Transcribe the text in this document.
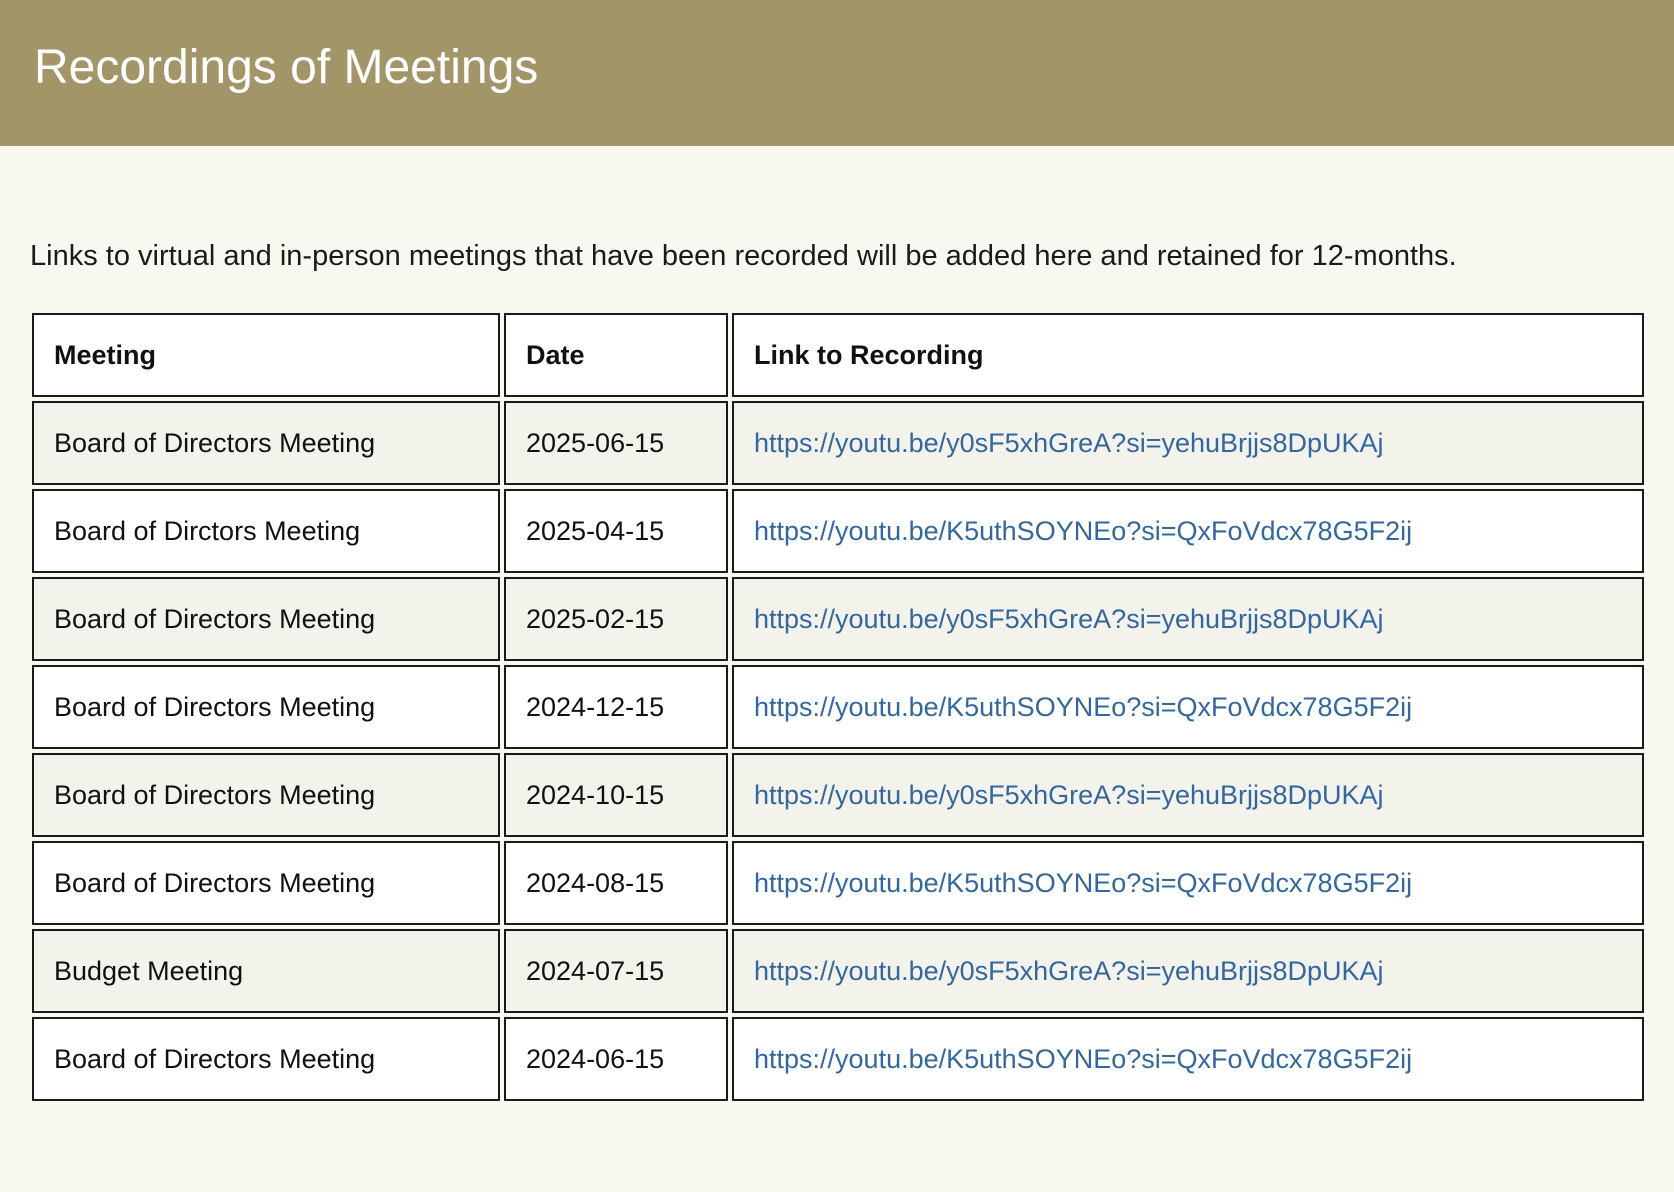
Recordings of Meetings

Links to virtual and in-person meetings that have been recorded will be added here and retained for 12-months.

Meeting	Date	Link to Recording
Board of Directors Meeting	2025-06-15	https://youtu.be/y0sF5xhGreA?si=yehuBrjjs8DpUKAj
Board of Dirctors Meeting	2025-04-15	https://youtu.be/K5uthSOYNEo?si=QxFoVdcx78G5F2ij
Board of Directors Meeting	2025-02-15	https://youtu.be/y0sF5xhGreA?si=yehuBrjjs8DpUKAj
Board of Directors Meeting	2024-12-15	https://youtu.be/K5uthSOYNEo?si=QxFoVdcx78G5F2ij
Board of Directors Meeting	2024-10-15	https://youtu.be/y0sF5xhGreA?si=yehuBrjjs8DpUKAj
Board of Directors Meeting	2024-08-15	https://youtu.be/K5uthSOYNEo?si=QxFoVdcx78G5F2ij
Budget Meeting	2024-07-15	https://youtu.be/y0sF5xhGreA?si=yehuBrjjs8DpUKAj
Board of Directors Meeting	2024-06-15	https://youtu.be/K5uthSOYNEo?si=QxFoVdcx78G5F2ij
